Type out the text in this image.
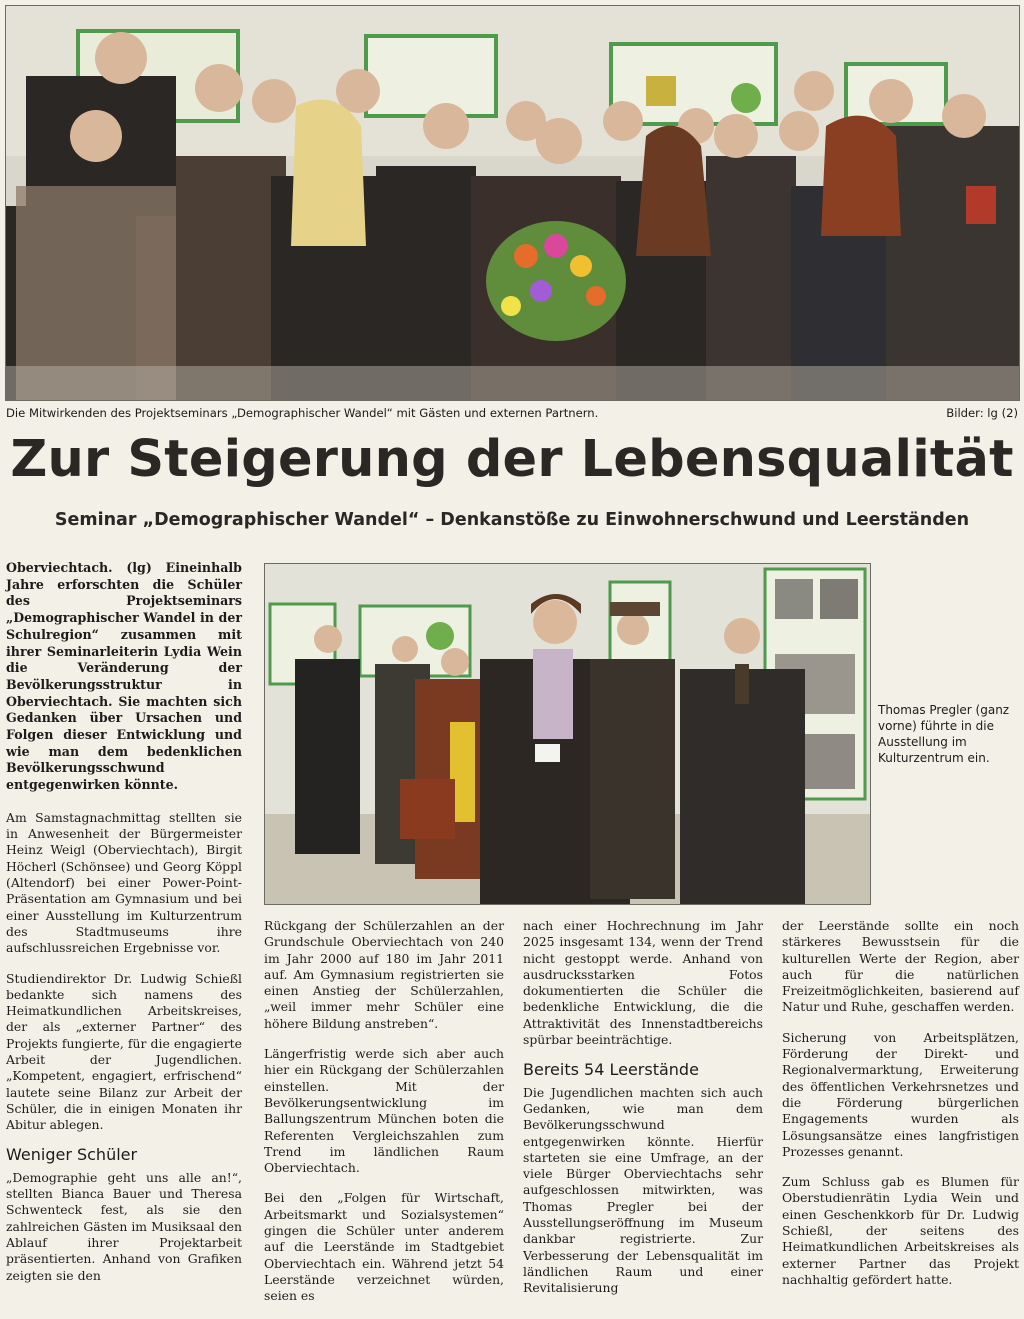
Die Mitwirkenden des Projektseminars „Demographischer Wandel“ mit Gästen und externen Partnern.	Bilder: lg (2)
Zur Steigerung der Lebensqualität
Seminar „Demographischer Wandel“ – Denkanstöße zu Einwohnerschwund und Leerständen

Oberviechtach. (lg) Eineinhalb Jahre erforschten die Schüler des Projektseminars „Demographischer Wandel in der Schulregion“ zusammen mit ihrer Seminarleiterin Lydia Wein die Veränderung der Bevölkerungsstruktur in Oberviechtach. Sie machten sich Gedanken über Ursachen und Folgen dieser Entwicklung und wie man dem bedenklichen Bevölkerungsschwund entgegenwirken könnte.

Am Samstagnachmittag stellten sie in Anwesenheit der Bürgermeister Heinz Weigl (Oberviechtach), Birgit Höcherl (Schönsee) und Georg Köppl (Altendorf) bei einer Power-Point-Präsentation am Gymnasium und bei einer Ausstellung im Kulturzentrum des Stadtmuseums ihre aufschlussreichen Ergebnisse vor.

Studiendirektor Dr. Ludwig Schießl bedankte sich namens des Heimatkundlichen Arbeitskreises, der als „externer Partner“ des Projekts fungierte, für die engagierte Arbeit der Jugendlichen. „Kompetent, engagiert, erfrischend“ lautete seine Bilanz zur Arbeit der Schüler, die in einigen Monaten ihr Abitur ablegen.

Weniger Schüler

„Demographie geht uns alle an!“, stellten Bianca Bauer und Theresa Schwenteck fest, als sie den zahlreichen Gästen im Musiksaal den Ablauf ihrer Projektarbeit präsentierten. Anhand von Grafiken zeigten sie den

Thomas Pregler (ganz vorne) führte in die Ausstellung im Kulturzentrum ein.

Rückgang der Schülerzahlen an der Grundschule Oberviechtach von 240 im Jahr 2000 auf 180 im Jahr 2011 auf. Am Gymnasium registrierten sie einen Anstieg der Schülerzahlen, „weil immer mehr Schüler eine höhere Bildung anstreben“.

Längerfristig werde sich aber auch hier ein Rückgang der Schülerzahlen einstellen. Mit der Bevölkerungsentwicklung im Ballungszentrum München boten die Referenten Vergleichszahlen zum Trend im ländlichen Raum Oberviechtach.

Bei den „Folgen für Wirtschaft, Arbeitsmarkt und Sozialsystemen“ gingen die Schüler unter anderem auf die Leerstände im Stadtgebiet Oberviechtach ein. Während jetzt 54 Leerstände verzeichnet würden, seien es

nach einer Hochrechnung im Jahr 2025 insgesamt 134, wenn der Trend nicht gestoppt werde. Anhand von ausdrucksstarken Fotos dokumentierten die Schüler die bedenkliche Entwicklung, die die Attraktivität des Innenstadtbereichs spürbar beeinträchtige.

Bereits 54 Leerstände

Die Jugendlichen machten sich auch Gedanken, wie man dem Bevölkerungsschwund entgegenwirken könnte. Hierfür starteten sie eine Umfrage, an der viele Bürger Oberviechtachs sehr aufgeschlossen mitwirkten, was Thomas Pregler bei der Ausstellungseröffnung im Museum dankbar registrierte. Zur Verbesserung der Lebensqualität im ländlichen Raum und einer Revitalisierung

der Leerstände sollte ein noch stärkeres Bewusstsein für die kulturellen Werte der Region, aber auch für die natürlichen Freizeitmöglichkeiten, basierend auf Natur und Ruhe, geschaffen werden.

Sicherung von Arbeitsplätzen, Förderung der Direkt- und Regionalvermarktung, Erweiterung des öffentlichen Verkehrsnetzes und die Förderung bürgerlichen Engagements wurden als Lösungsansätze eines langfristigen Prozesses genannt.

Zum Schluss gab es Blumen für Oberstudienrätin Lydia Wein und einen Geschenkkorb für Dr. Ludwig Schießl, der seitens des Heimatkundlichen Arbeitskreises als externer Partner das Projekt nachhaltig gefördert hatte.
